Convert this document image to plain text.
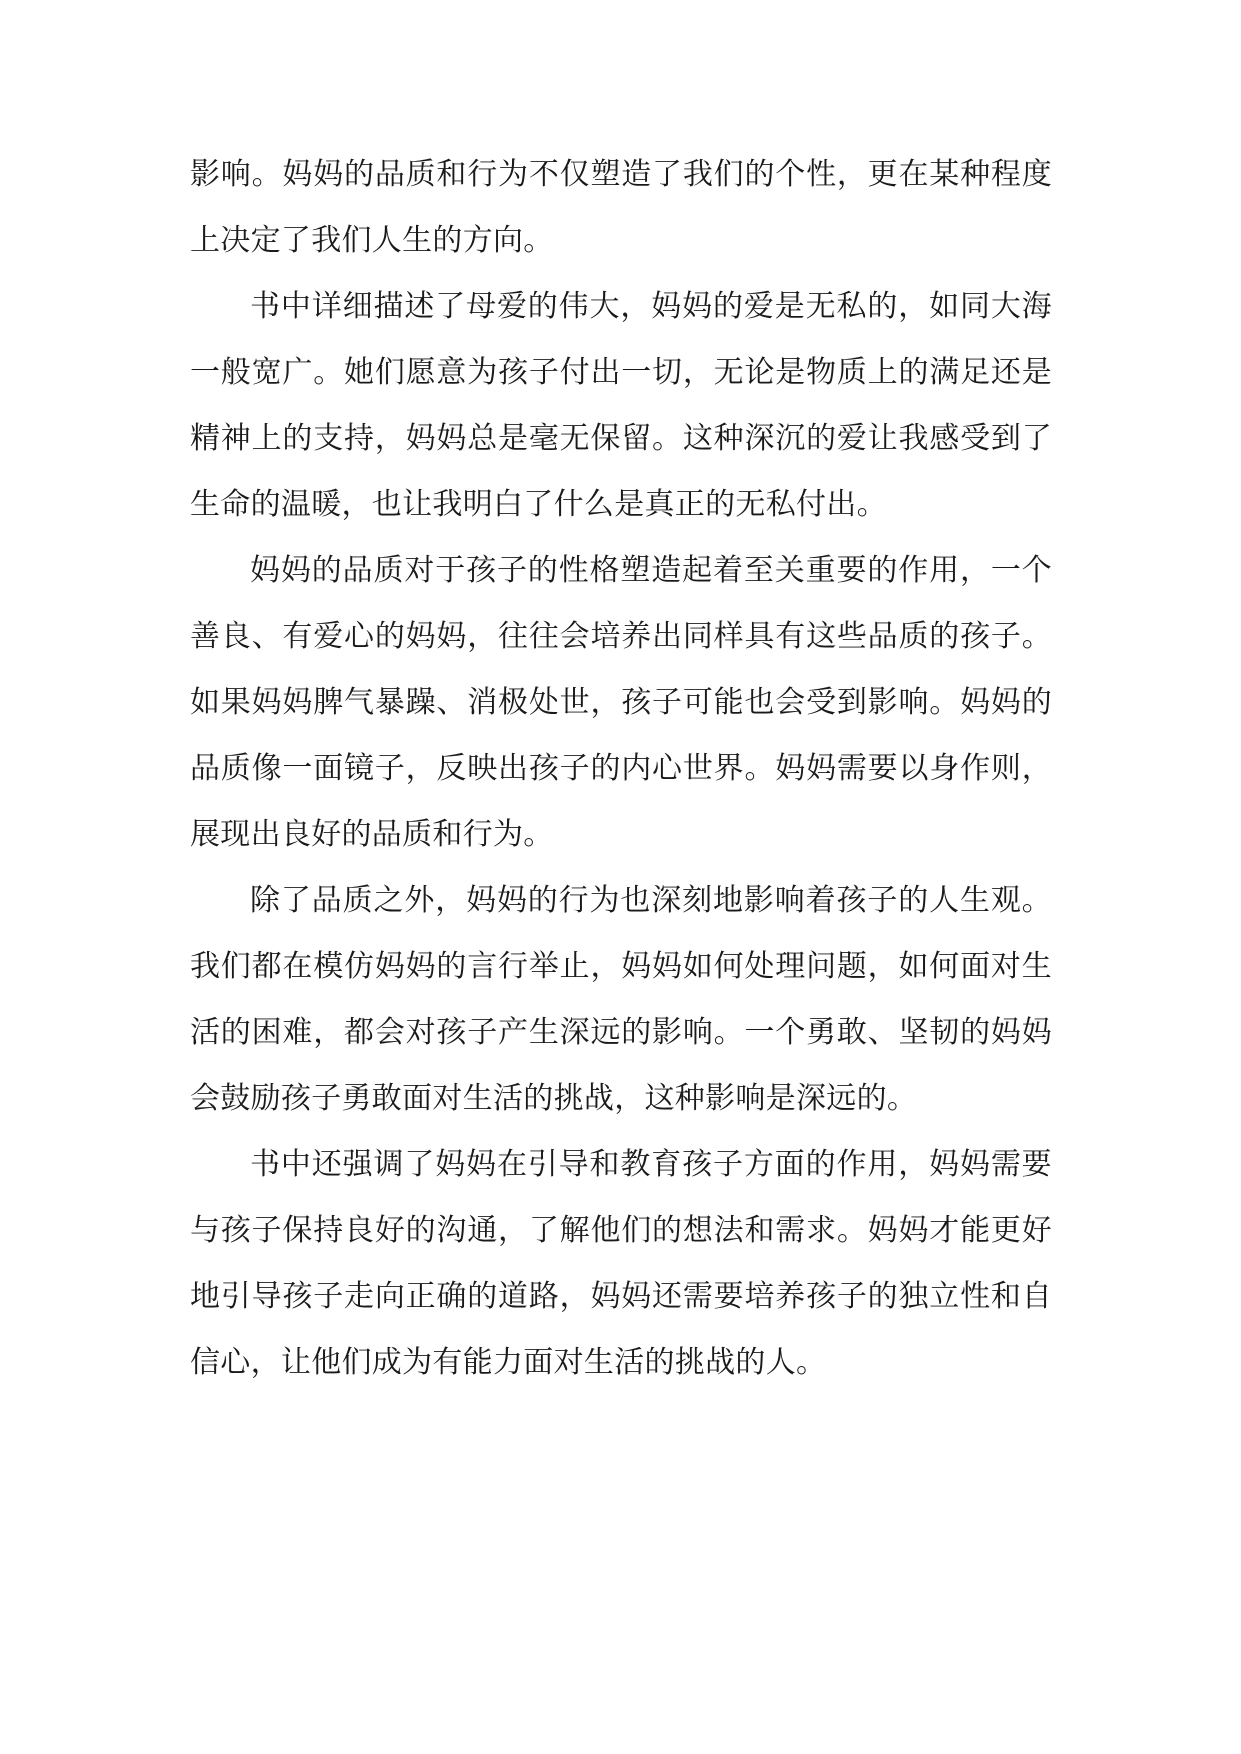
影响。妈妈的品质和行为不仅塑造了我们的个性，更在某种程度上决定了我们人生的方向。

书中详细描述了母爱的伟大，妈妈的爱是无私的，如同大海一般宽广。她们愿意为孩子付出一切，无论是物质上的满足还是精神上的支持，妈妈总是毫无保留。这种深沉的爱让我感受到了生命的温暖，也让我明白了什么是真正的无私付出。

妈妈的品质对于孩子的性格塑造起着至关重要的作用，一个善良、有爱心的妈妈，往往会培养出同样具有这些品质的孩子。如果妈妈脾气暴躁、消极处世，孩子可能也会受到影响。妈妈的品质像一面镜子，反映出孩子的内心世界。妈妈需要以身作则，展现出良好的品质和行为。

除了品质之外，妈妈的行为也深刻地影响着孩子的人生观。我们都在模仿妈妈的言行举止，妈妈如何处理问题，如何面对生活的困难，都会对孩子产生深远的影响。一个勇敢、坚韧的妈妈会鼓励孩子勇敢面对生活的挑战，这种影响是深远的。

书中还强调了妈妈在引导和教育孩子方面的作用，妈妈需要与孩子保持良好的沟通，了解他们的想法和需求。妈妈才能更好地引导孩子走向正确的道路，妈妈还需要培养孩子的独立性和自信心，让他们成为有能力面对生活的挑战的人。
